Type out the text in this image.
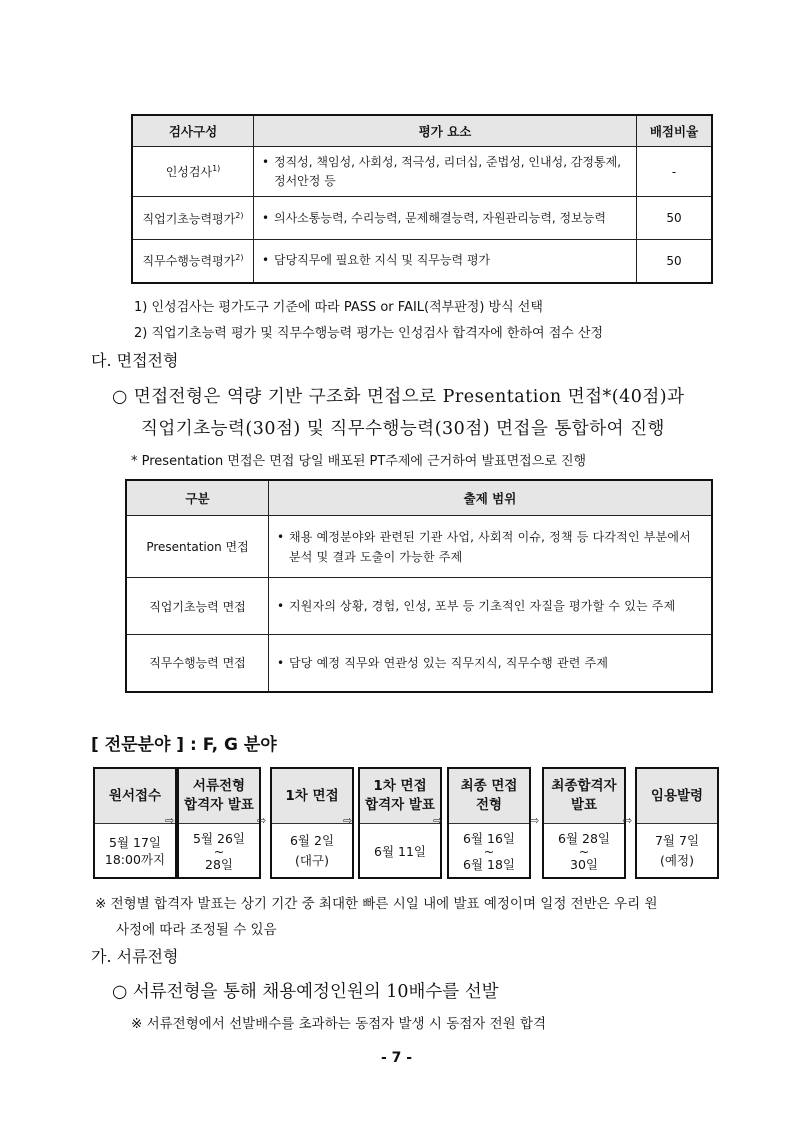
검사구성	평가 요소	배점비율
인성검사$^{1)}$	• 정직성, 책임성, 사회성, 적극성, 리더십, 준법성, 인내성, 감정통제, 정서안정 등	-
직업기초능력평가$^{2)}$	• 의사소통능력, 수리능력, 문제해결능력, 자원관리능력, 정보능력	50
직무수행능력평가$^{2)}$	• 담당직무에 필요한 지식 및 직무능력 평가	50
1) 인성검사는 평가도구 기준에 따라 PASS or FAIL(적부판정) 방식 선택
2) 직업기초능력 평가 및 직무수행능력 평가는 인성검사 합격자에 한하여 점수 산정
다. 면접전형
○ 면접전형은 역량 기반 구조화 면접으로 Presentation 면접*(40점)과
직업기초능력(30점) 및 직무수행능력(30점) 면접을 통합하여 진행
* Presentation 면접은 면접 당일 배포된 PT주제에 근거하여 발표면접으로 진행
구분	출제 범위
Presentation 면접	• 채용 예정분야와 관련된 기관 사업, 사회적 이슈, 정책 등 다각적인 부분에서 분석 및 결과 도출이 가능한 주제

직업기초능력 면접	• 지원자의 상황, 경험, 인성, 포부 등 기초적인 자질을 평가할 수 있는 주제

직무수행능력 면접	• 담당 예정 직무와 연관성 있는 직무지식, 직무수행 관련 주제
[ 전문분야 ] : F, G 분야
원서접수
5월 17일
18:00까지
⇨
서류전형
합격자 발표
5월 26일
~
28일
⇨
1차 면접
6월 2일
(대구)
⇨
1차 면접
합격자 발표
6월 11일
⇨
최종 면접
전형
6월 16일
~
6월 18일
⇨
최종합격자
발표
6월 28일
~
30일
⇨
임용발령
7월 7일
(예정)
※ 전형별 합격자 발표는 상기 기간 중 최대한 빠른 시일 내에 발표 예정이며 일정 전반은 우리 원
사정에 따라 조정될 수 있음
가. 서류전형
○ 서류전형을 통해 채용예정인원의 10배수를 선발
※ 서류전형에서 선발배수를 초과하는 동점자 발생 시 동점자 전원 합격
- 7 -
